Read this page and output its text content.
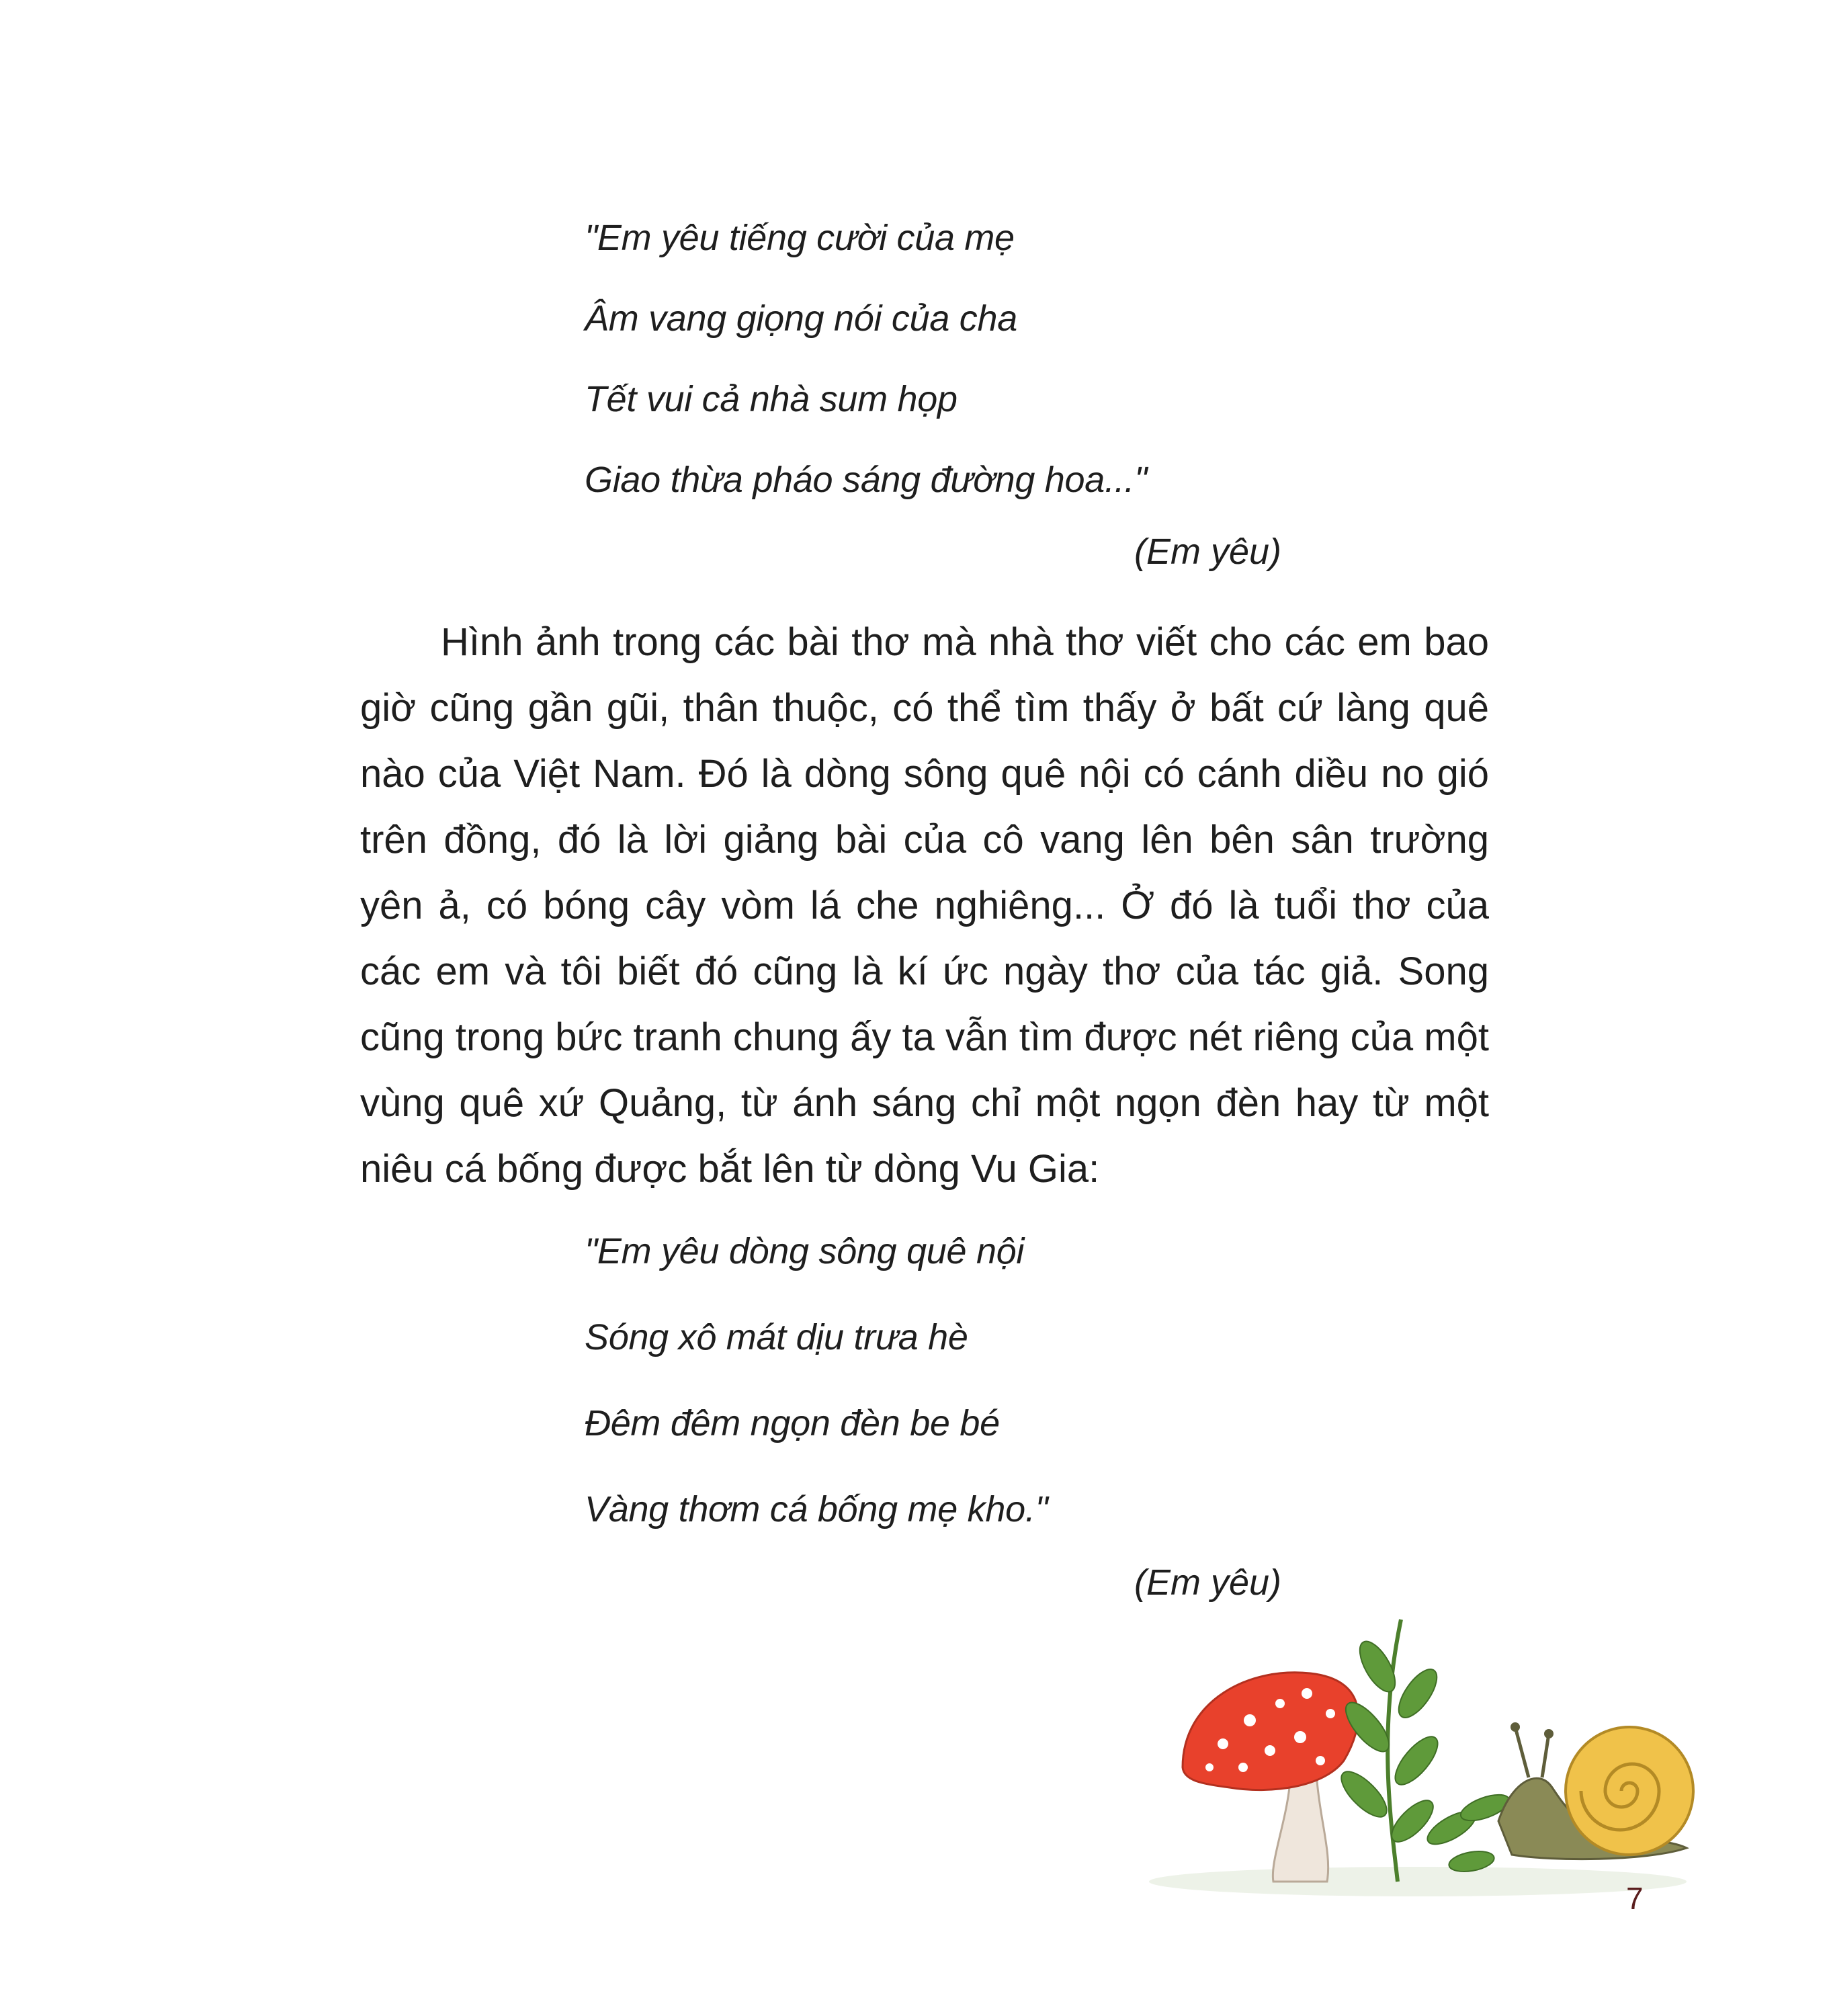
"Em yêu tiếng cười của mẹ
Âm vang giọng nói của cha
Tết vui cả nhà sum họp
Giao thừa pháo sáng đường hoa..."
(Em yêu)

Hình ảnh trong các bài thơ mà nhà thơ viết cho các em bao giờ cũng gần gũi, thân thuộc, có thể tìm thấy ở bất cứ làng quê nào của Việt Nam. Đó là dòng sông quê nội có cánh diều no gió trên đồng, đó là lời giảng bài của cô vang lên bên sân trường yên ả, có bóng cây vòm lá che nghiêng... Ở đó là tuổi thơ của các em và tôi biết đó cũng là kí ức ngày thơ của tác giả. Song cũng trong bức tranh chung ấy ta vẫn tìm được nét riêng của một vùng quê xứ Quảng, từ ánh sáng chỉ một ngọn đèn hay từ một niêu cá bống được bắt lên từ dòng Vu Gia:

"Em yêu dòng sông quê nội
Sóng xô mát dịu trưa hè
Đêm đêm ngọn đèn be bé
Vàng thơm cá bống mẹ kho."
(Em yêu)
7
